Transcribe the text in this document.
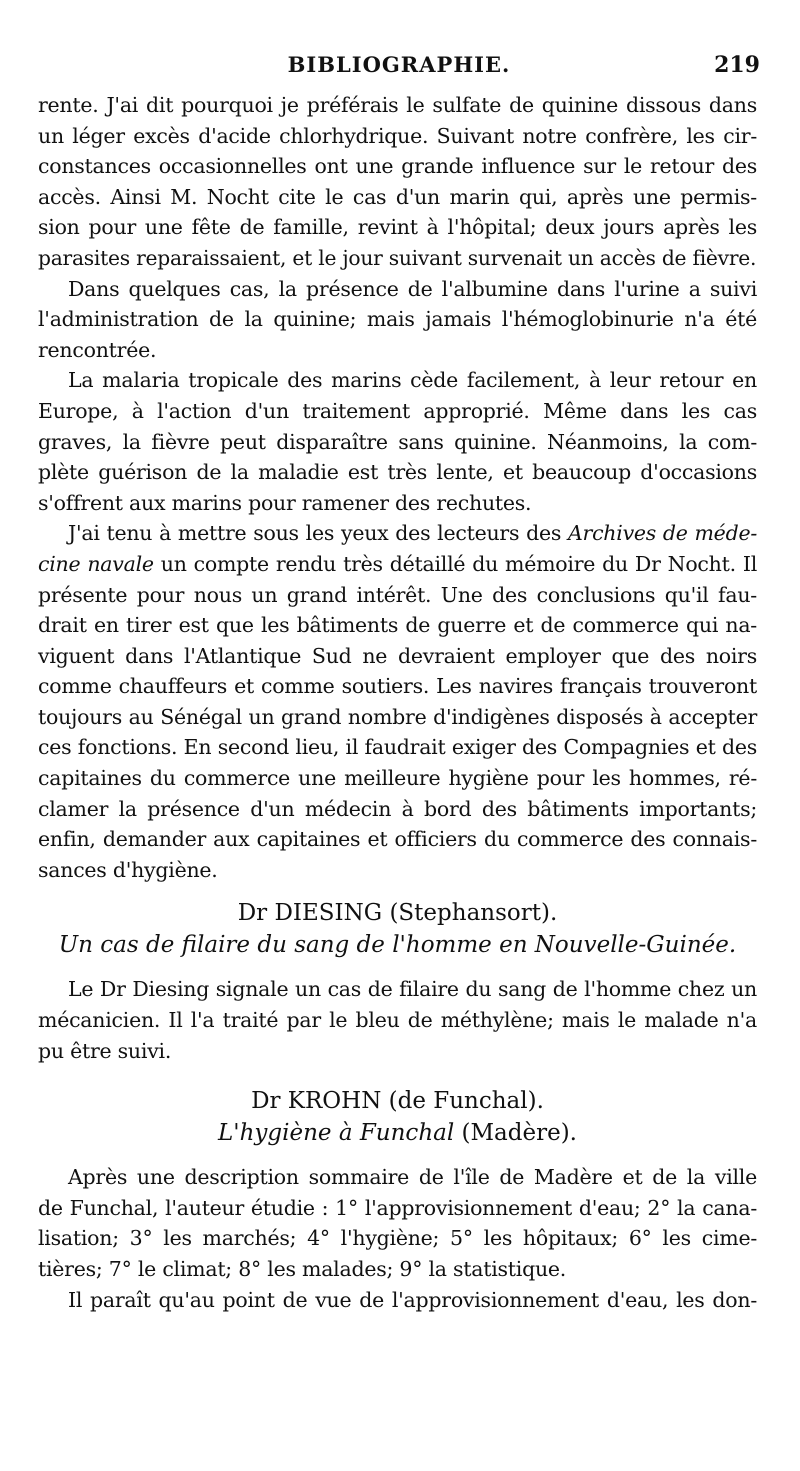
BIBLIOGRAPHIE.	219
rente. J'ai dit pourquoi je préférais le sulfate de quinine dissous dans
un léger excès d'acide chlorhydrique. Suivant notre confrère, les cir-
constances occasionnelles ont une grande influence sur le retour des
accès. Ainsi M. Nocht cite le cas d'un marin qui, après une permis-
sion pour une fête de famille, revint à l'hôpital; deux jours après les
parasites reparaissaient, et le jour suivant survenait un accès de fièvre.
Dans quelques cas, la présence de l'albumine dans l'urine a suivi
l'administration de la quinine; mais jamais l'hémoglobinurie n'a été
rencontrée.
La malaria tropicale des marins cède facilement, à leur retour en
Europe, à l'action d'un traitement approprié. Même dans les cas
graves, la fièvre peut disparaître sans quinine. Néanmoins, la com-
plète guérison de la maladie est très lente, et beaucoup d'occasions
s'offrent aux marins pour ramener des rechutes.
J'ai tenu à mettre sous les yeux des lecteurs des Archives de méde-
cine navale un compte rendu très détaillé du mémoire du Dr Nocht. Il
présente pour nous un grand intérêt. Une des conclusions qu'il fau-
drait en tirer est que les bâtiments de guerre et de commerce qui na-
viguent dans l'Atlantique Sud ne devraient employer que des noirs
comme chauffeurs et comme soutiers. Les navires français trouveront
toujours au Sénégal un grand nombre d'indigènes disposés à accepter
ces fonctions. En second lieu, il faudrait exiger des Compagnies et des
capitaines du commerce une meilleure hygiène pour les hommes, ré-
clamer la présence d'un médecin à bord des bâtiments importants;
enfin, demander aux capitaines et officiers du commerce des connais-
sances d'hygiène.
Dr DIESING (Stephansort).
Un cas de filaire du sang de l'homme en Nouvelle-Guinée.
Le Dr Diesing signale un cas de filaire du sang de l'homme chez un
mécanicien. Il l'a traité par le bleu de méthylène; mais le malade n'a
pu être suivi.
Dr KROHN (de Funchal).
L'hygiène à Funchal (Madère).
Après une description sommaire de l'île de Madère et de la ville
de Funchal, l'auteur étudie : 1° l'approvisionnement d'eau; 2° la cana-
lisation; 3° les marchés; 4° l'hygiène; 5° les hôpitaux; 6° les cime-
tières; 7° le climat; 8° les malades; 9° la statistique.
Il paraît qu'au point de vue de l'approvisionnement d'eau, les don-
